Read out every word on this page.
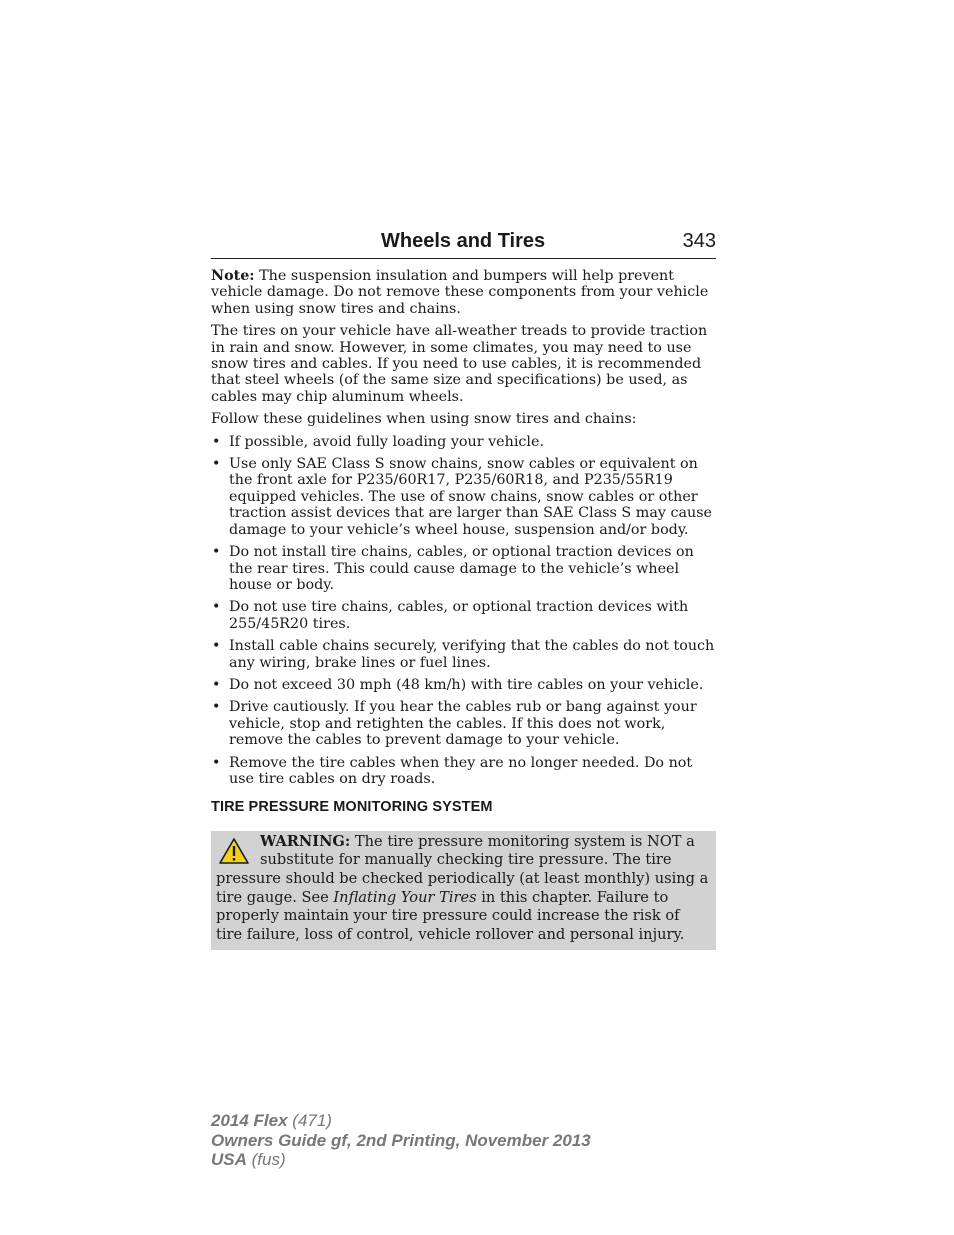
Wheels and Tires	343

Note: The suspension insulation and bumpers will help prevent vehicle damage. Do not remove these components from your vehicle when using snow tires and chains.

The tires on your vehicle have all-weather treads to provide traction in rain and snow. However, in some climates, you may need to use snow tires and cables. If you need to use cables, it is recommended that steel wheels (of the same size and specifications) be used, as cables may chip aluminum wheels.

Follow these guidelines when using snow tires and chains:

• If possible, avoid fully loading your vehicle.
• Use only SAE Class S snow chains, snow cables or equivalent on the front axle for P235/60R17, P235/60R18, and P235/55R19 equipped vehicles. The use of snow chains, snow cables or other traction assist devices that are larger than SAE Class S may cause damage to your vehicle’s wheel house, suspension and/or body.
• Do not install tire chains, cables, or optional traction devices on the rear tires. This could cause damage to the vehicle’s wheel house or body.
• Do not use tire chains, cables, or optional traction devices with 255/45R20 tires.
• Install cable chains securely, verifying that the cables do not touch any wiring, brake lines or fuel lines.
• Do not exceed 30 mph (48 km/h) with tire cables on your vehicle.
• Drive cautiously. If you hear the cables rub or bang against your vehicle, stop and retighten the cables. If this does not work, remove the cables to prevent damage to your vehicle.
• Remove the tire cables when they are no longer needed. Do not use tire cables on dry roads.
TIRE PRESSURE MONITORING SYSTEM
WARNING: The tire pressure monitoring system is NOT a substitute for manually checking tire pressure. The tire pressure should be checked periodically (at least monthly) using a tire gauge. See Inflating Your Tires in this chapter. Failure to properly maintain your tire pressure could increase the risk of tire failure, loss of control, vehicle rollover and personal injury.
2014 Flex (471)
Owners Guide gf, 2nd Printing, November 2013
USA (fus)
